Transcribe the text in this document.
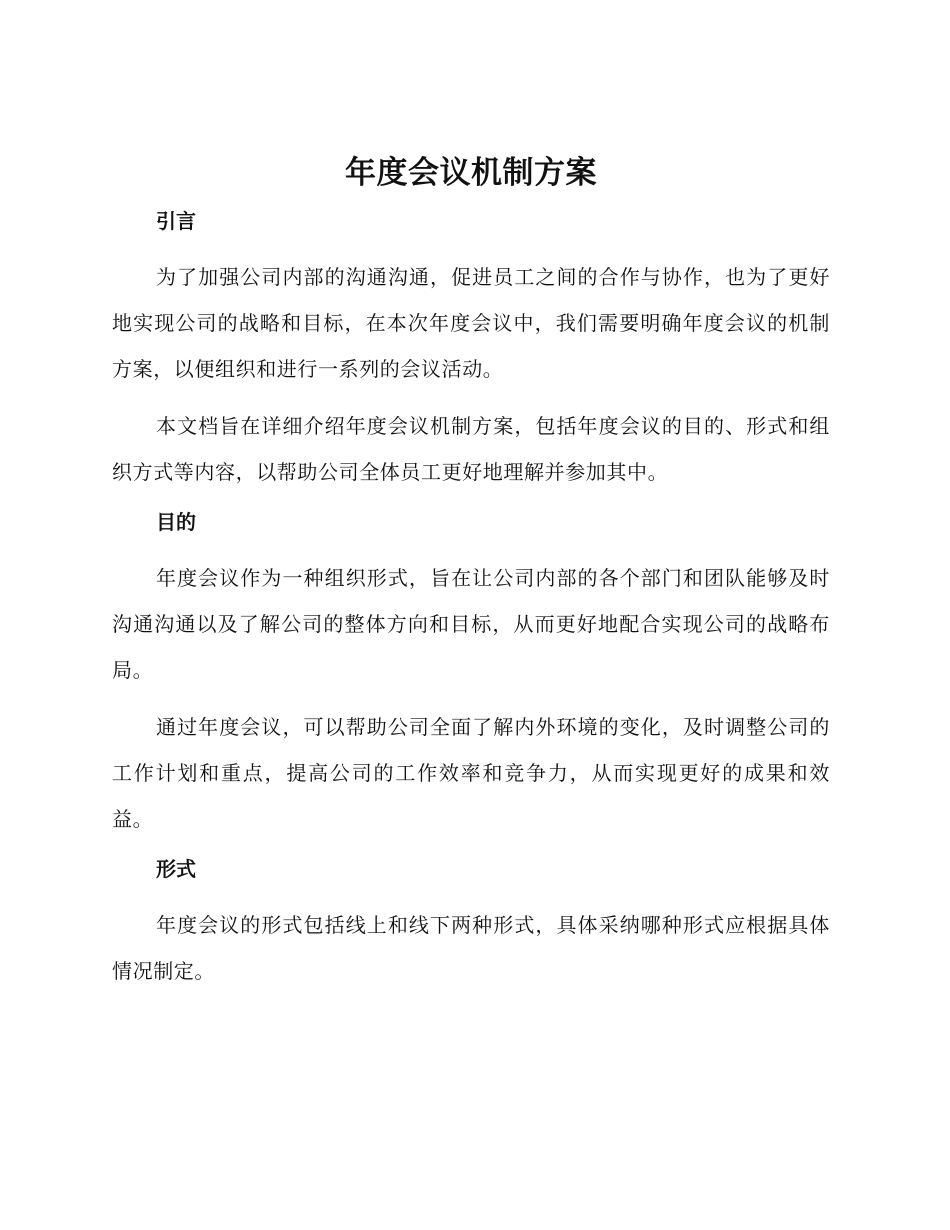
年度会议机制方案
引言

为了加强公司内部的沟通沟通，促进员工之间的合作与协作，也为了更好地实现公司的战略和目标，在本次年度会议中，我们需要明确年度会议的机制方案，以便组织和进行一系列的会议活动。

本文档旨在详细介绍年度会议机制方案，包括年度会议的目的、形式和组织方式等内容，以帮助公司全体员工更好地理解并参加其中。

目的

年度会议作为一种组织形式，旨在让公司内部的各个部门和团队能够及时沟通沟通以及了解公司的整体方向和目标，从而更好地配合实现公司的战略布局。

通过年度会议，可以帮助公司全面了解内外环境的变化，及时调整公司的工作计划和重点，提高公司的工作效率和竞争力，从而实现更好的成果和效益。

形式

年度会议的形式包括线上和线下两种形式，具体采纳哪种形式应根据具体情况制定。
